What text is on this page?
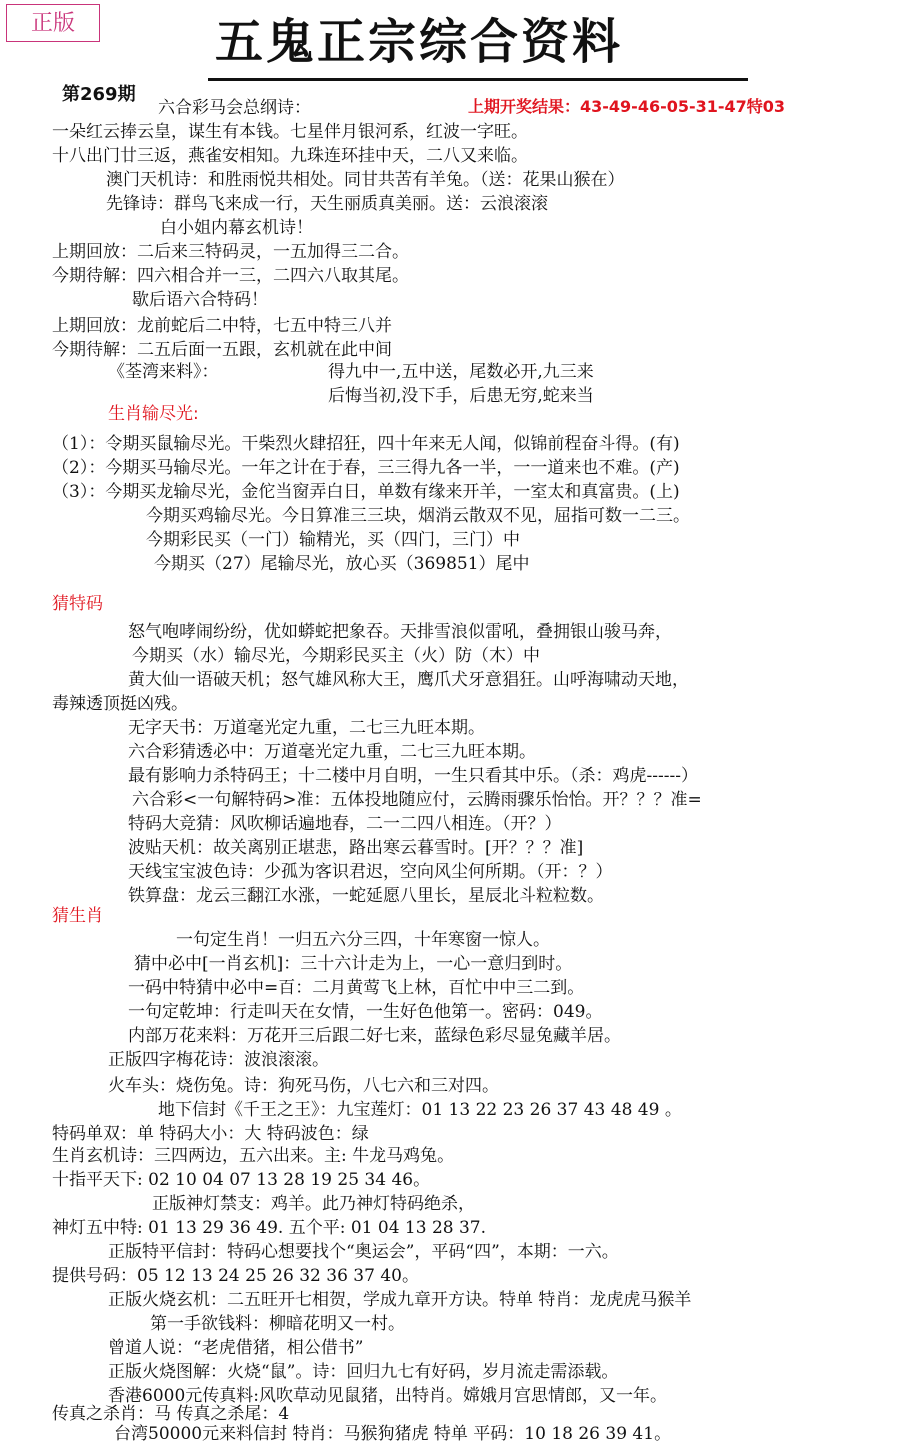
正版	五鬼正宗综合资料
第269期
上期开奖结果：43-49-46-05-31-47特03
六合彩马会总纲诗：
一朵红云捧云皇，谋生有本钱。七星伴月银河系，红波一字旺。
十八出门廿三返，燕雀安相知。九珠连环挂中天，二八又来临。
澳门天机诗：和胜雨悦共相处。同甘共苦有羊兔。（送：花果山猴在）
先锋诗：群鸟飞来成一行，天生丽质真美丽。送：云浪滚滚
白小姐内幕玄机诗！
上期回放：二后来三特码灵，一五加得三二合。
今期待解：四六相合并一三，二四六八取其尾。
歇后语六合特码！
上期回放：龙前蛇后二中特，七五中特三八并
今期待解：二五后面一五跟，玄机就在此中间
《荃湾来料》：	得九中一,五中送，尾数必开,九三来
后悔当初,没下手，后患无穷,蛇来当
生肖输尽光:
（1）：令期买鼠输尽光。干柴烈火肆招狂，四十年来无人闻，似锦前程奋斗得。(有)
（2）：今期买马输尽光。一年之计在于春，三三得九各一半，一一道来也不难。(产)
（3）：今期买龙输尽光，金佗当窗弄白日，单数有缘来开羊，一室太和真富贵。(上)
今期买鸡输尽光。今日算准三三块，烟消云散双不见，屈指可数一二三。
今期彩民买（一门）输精光，买（四门，三门）中
今期买（27）尾输尽光，放心买（369851）尾中
猜特码
怒气咆哮闹纷纷，优如蟒蛇把象吞。天排雪浪似雷吼，叠拥银山骏马奔，
今期买（水）输尽光，今期彩民买主（火）防（木）中
黄大仙一语破天机；怒气雄风称大王，鹰爪犬牙意猖狂。山呼海啸动天地，
毒辣透顶挺凶残。
无字天书：万道毫光定九重，二七三九旺本期。
六合彩猜透必中：万道毫光定九重，二七三九旺本期。
最有影响力杀特码王；十二楼中月自明，一生只看其中乐。（杀：鸡虎------）
六合彩<一句解特码>准：五体投地随应付，云腾雨骤乐怡怡。开？？？准=
特码大竞猜：风吹柳话遍地春，二一二四八相连。（开？）
波贴天机：故关离别正堪悲，路出寒云暮雪时。[开？？？准]
天线宝宝波色诗：少孤为客识君迟，空向风尘何所期。（开：？）
铁算盘：龙云三翻江水涨，一蛇延愿八里长，星辰北斗粒粒数。
猜生肖
一句定生肖！一归五六分三四，十年寒窗一惊人。
猜中必中[一肖玄机]：三十六计走为上，一心一意归到时。
一码中特猜中必中=百：二月黄莺飞上林，百忙中中三二到。
一句定乾坤：行走叫天在女情，一生好色他第一。密码：049。
内部万花来料：万花开三后跟二好七来，蓝绿色彩尽显兔藏羊居。
正版四字梅花诗：波浪滚滚。
火车头：烧伤兔。诗：狗死马伤，八七六和三对四。
地下信封《千王之王》：九宝莲灯：01 13 22 23 26 37 43 48 49 。
特码单双：单 特码大小：大 特码波色：绿
生肖玄机诗：三四两边，五六出来。主: 牛龙马鸡兔。
十指平天下: 02 10 04 07 13 28 19 25 34 46。
正版神灯禁支：鸡羊。此乃神灯特码绝杀，
神灯五中特: 01 13 29 36 49. 五个平: 01 04 13 28 37.
正版特平信封：特码心想要找个“奥运会”，平码“四”，本期：一六。
提供号码：05 12 13 24 25 26 32 36 37 40。
正版火烧玄机：二五旺开七相贺，学成九章开方诀。特单 特肖：龙虎虎马猴羊
第一手欲钱料：柳暗花明又一村。
曾道人说：“老虎借猪，相公借书”
正版火烧图解：火烧“鼠”。诗：回归九七有好码，岁月流走需添载。
香港6000元传真料:风吹草动见鼠猪，出特肖。嫦娥月宫思情郎，又一年。
传真之杀肖：马 传真之杀尾：4
台湾50000元来料信封 特肖：马猴狗猪虎 特单 平码：10 18 26 39 41。
